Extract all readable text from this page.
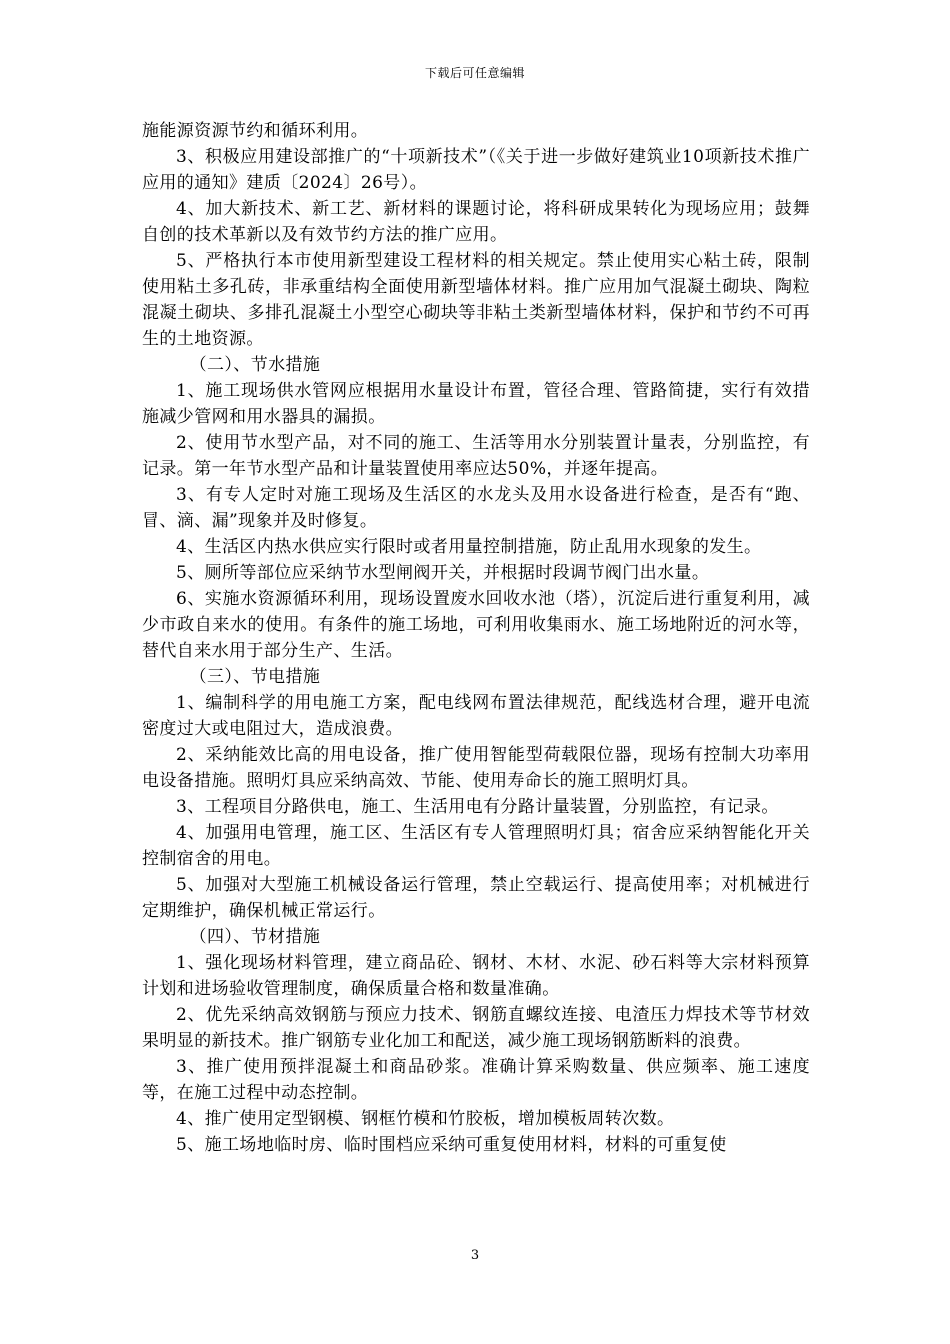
下载后可任意编辑

施能源资源节约和循环利用。

3、积极应用建设部推广的“十项新技术”（《关于进一步做好建筑业10项新技术推广应用的通知》建质〔2024〕26号）。

4、加大新技术、新工艺、新材料的课题讨论，将科研成果转化为现场应用；鼓舞自创的技术革新以及有效节约方法的推广应用。

5、严格执行本市使用新型建设工程材料的相关规定。禁止使用实心粘土砖，限制使用粘土多孔砖，非承重结构全面使用新型墙体材料。推广应用加气混凝土砌块、陶粒混凝土砌块、多排孔混凝土小型空心砌块等非粘土类新型墙体材料，保护和节约不可再生的土地资源。

（二）、节水措施

1、施工现场供水管网应根据用水量设计布置，管径合理、管路简捷，实行有效措施减少管网和用水器具的漏损。

2、使用节水型产品，对不同的施工、生活等用水分别装置计量表，分别监控，有记录。第一年节水型产品和计量装置使用率应达50%，并逐年提高。

3、有专人定时对施工现场及生活区的水龙头及用水设备进行检查，是否有“跑、冒、滴、漏”现象并及时修复。

4、生活区内热水供应实行限时或者用量控制措施，防止乱用水现象的发生。

5、厕所等部位应采纳节水型闸阀开关，并根据时段调节阀门出水量。

6、实施水资源循环利用，现场设置废水回收水池（塔），沉淀后进行重复利用，减少市政自来水的使用。有条件的施工场地，可利用收集雨水、施工场地附近的河水等，替代自来水用于部分生产、生活。

（三）、节电措施

1、编制科学的用电施工方案，配电线网布置法律规范，配线选材合理，避开电流密度过大或电阻过大，造成浪费。

2、采纳能效比高的用电设备，推广使用智能型荷载限位器，现场有控制大功率用电设备措施。照明灯具应采纳高效、节能、使用寿命长的施工照明灯具。

3、工程项目分路供电，施工、生活用电有分路计量装置，分别监控，有记录。

4、加强用电管理，施工区、生活区有专人管理照明灯具；宿舍应采纳智能化开关控制宿舍的用电。

5、加强对大型施工机械设备运行管理，禁止空载运行、提高使用率；对机械进行定期维护，确保机械正常运行。

（四）、节材措施

1、强化现场材料管理，建立商品砼、钢材、木材、水泥、砂石料等大宗材料预算计划和进场验收管理制度，确保质量合格和数量准确。

2、优先采纳高效钢筋与预应力技术、钢筋直螺纹连接、电渣压力焊技术等节材效果明显的新技术。推广钢筋专业化加工和配送，减少施工现场钢筋断料的浪费。

3、推广使用预拌混凝土和商品砂浆。准确计算采购数量、供应频率、施工速度等，在施工过程中动态控制。

4、推广使用定型钢模、钢框竹模和竹胶板，增加模板周转次数。

5、施工场地临时房、临时围档应采纳可重复使用材料，材料的可重复使

3
